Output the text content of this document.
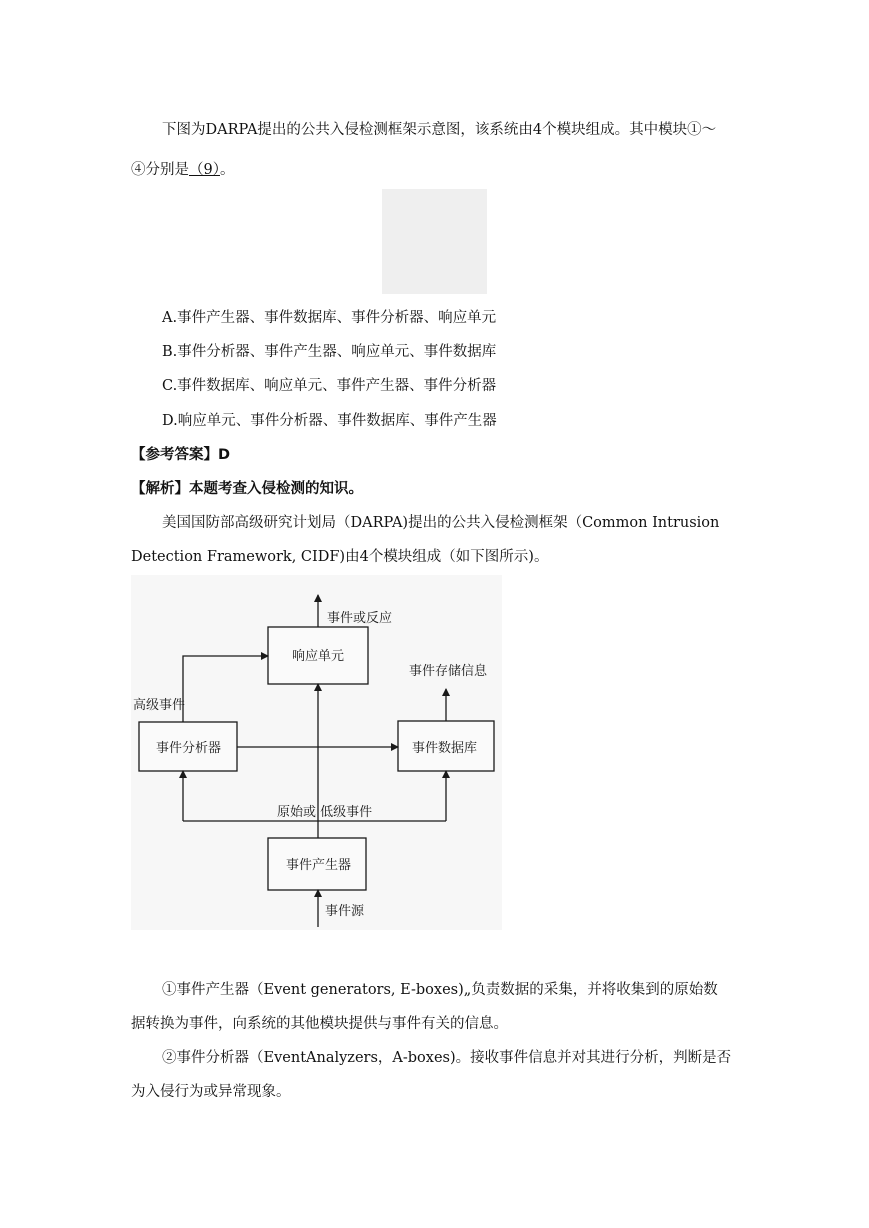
下图为DARPA提出的公共入侵检测框架示意图，该系统由4个模块组成。其中模块①～
④分别是（9）。
A.事件产生器、事件数据库、事件分析器、响应单元
B.事件分析器、事件产生器、响应单元、事件数据库
C.事件数据库、响应单元、事件产生器、事件分析器
D.响应单元、事件分析器、事件数据库、事件产生器
【参考答案】D
【解析】本题考查入侵检测的知识。
美国国防部高级研究计划局（DARPA)提出的公共入侵检测框架（Common Intrusion
Detection Framework, CIDF)由4个模块组成（如下图所示)。
响应单元
事件分析器	事件数据库
事件产生器
事件或反应
事件存储信息
高级事件
原始或 低级事件
事件源
①事件产生器（Event generators, E-boxes)„负责数据的采集，并将收集到的原始数
据转换为事件，向系统的其他模块提供与事件有关的信息。
②事件分析器（EventAnalyzers，A-boxes)。接收事件信息并对其进行分析，判断是否
为入侵行为或异常现象。
